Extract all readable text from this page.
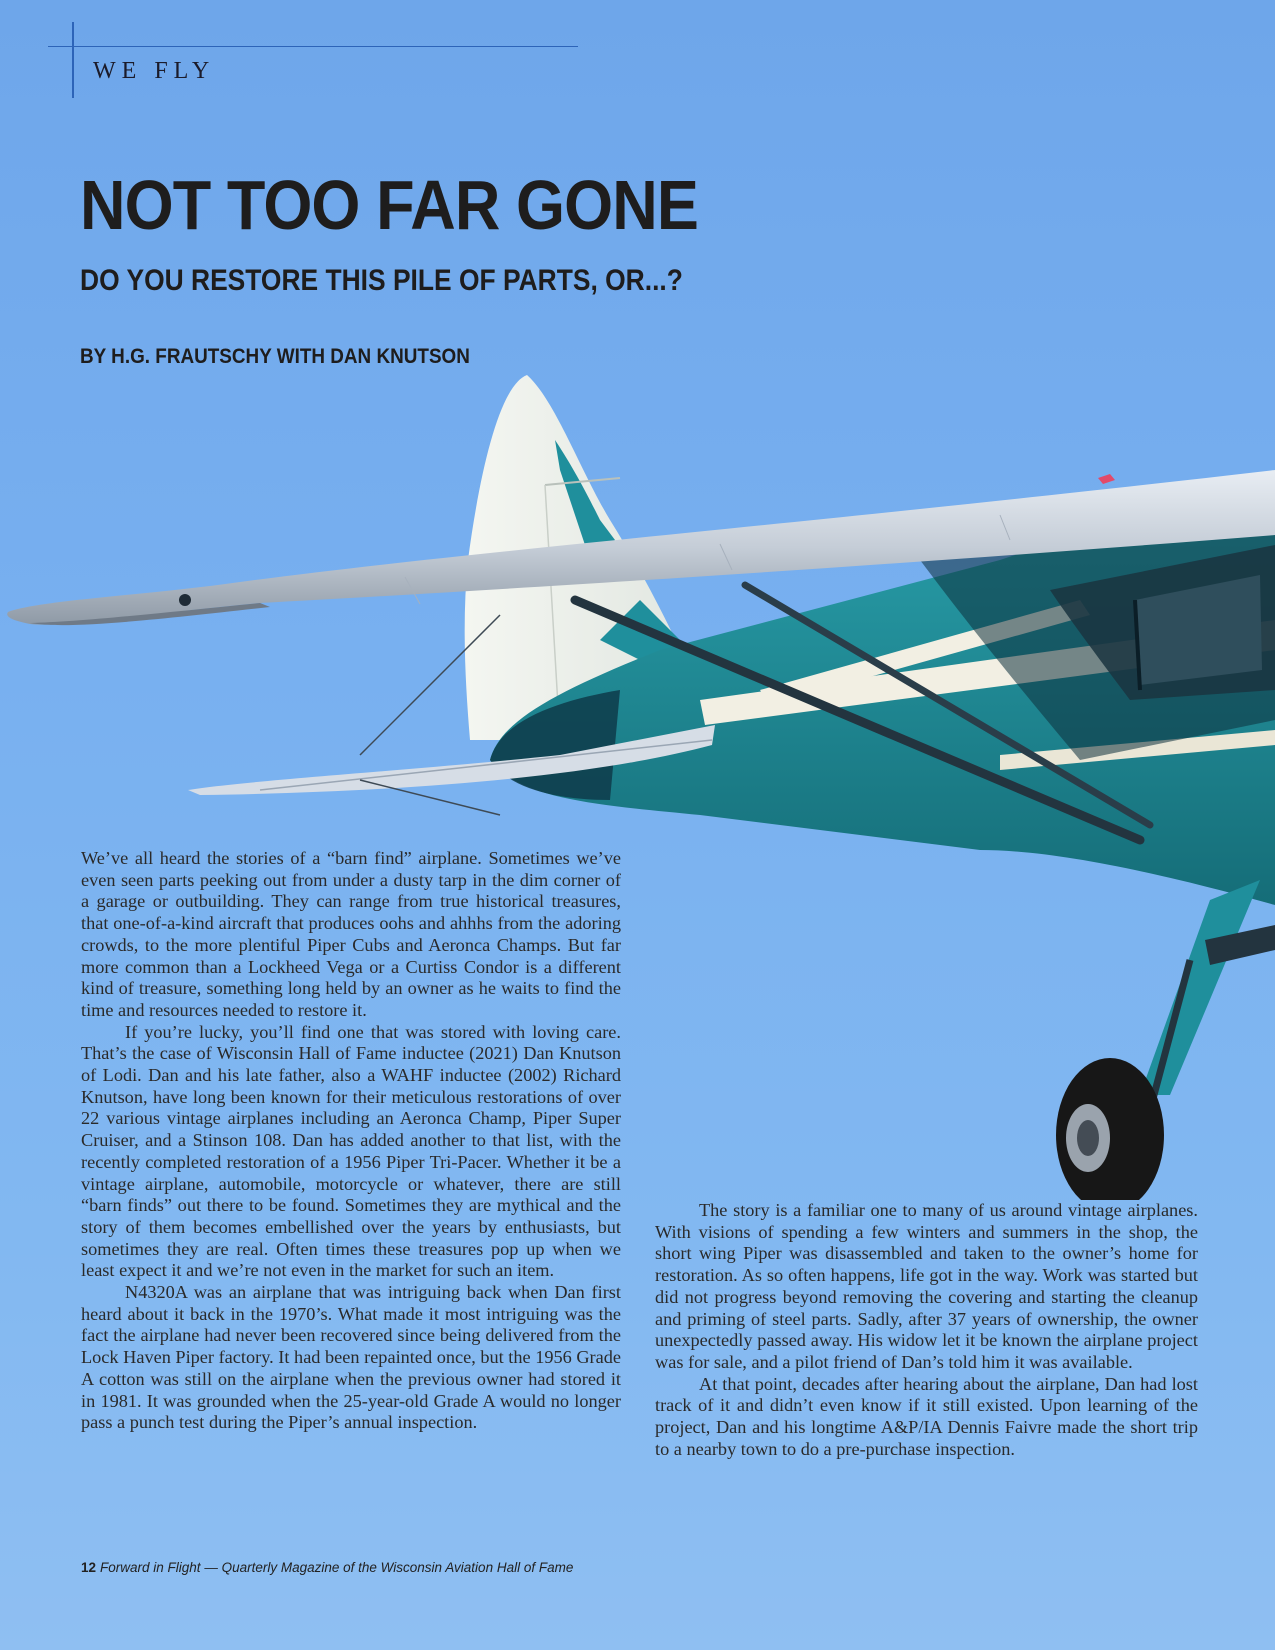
WE FLY
NOT TOO FAR GONE
DO YOU RESTORE THIS PILE OF PARTS, OR...?
BY H.G. FRAUTSCHY WITH DAN KNUTSON

We’ve all heard the stories of a “barn find” airplane. Sometimes we’ve even seen parts peeking out from under a dusty tarp in the dim corner of a garage or outbuilding. They can range from true historical treasures, that one-of-a-kind aircraft that produces oohs and ahhhs from the adoring crowds, to the more plentiful Piper Cubs and Aeronca Champs. But far more common than a Lockheed Vega or a Curtiss Condor is a different kind of treasure, something long held by an owner as he waits to find the time and resources needed to restore it.

If you’re lucky, you’ll find one that was stored with loving care. That’s the case of Wisconsin Hall of Fame inductee (2021) Dan Knutson of Lodi. Dan and his late father, also a WAHF inductee (2002) Richard Knutson, have long been known for their meticulous restorations of over 22 various vintage airplanes including an Aeronca Champ, Piper Super Cruiser, and a Stinson 108. Dan has added another to that list, with the recently completed restoration of a 1956 Piper Tri-Pacer. Whether it be a vintage airplane, automobile, motorcycle or whatever, there are still “barn finds” out there to be found. Sometimes they are mythical and the story of them becomes embellished over the years by enthusiasts, but sometimes they are real. Often times these treasures pop up when we least expect it and we’re not even in the market for such an item.

N4320A was an airplane that was intriguing back when Dan first heard about it back in the 1970’s. What made it most intriguing was the fact the airplane had never been recovered since being delivered from the Lock Haven Piper factory. It had been repainted once, but the 1956 Grade A cotton was still on the airplane when the previous owner had stored it in 1981. It was grounded when the 25-year-old Grade A would no longer pass a punch test during the Piper’s annual inspection.

The story is a familiar one to many of us around vintage airplanes. With visions of spending a few winters and summers in the shop, the short wing Piper was disassembled and taken to the owner’s home for restoration. As so often happens, life got in the way. Work was started but did not progress beyond removing the covering and starting the cleanup and priming of steel parts. Sadly, after 37 years of ownership, the owner unexpectedly passed away. His widow let it be known the airplane project was for sale, and a pilot friend of Dan’s told him it was available.

At that point, decades after hearing about the airplane, Dan had lost track of it and didn’t even know if it still existed. Upon learning of the project, Dan and his longtime A&P/IA Dennis Faivre made the short trip to a nearby town to do a pre-purchase inspection.

12 Forward in Flight — Quarterly Magazine of the Wisconsin Aviation Hall of Fame
